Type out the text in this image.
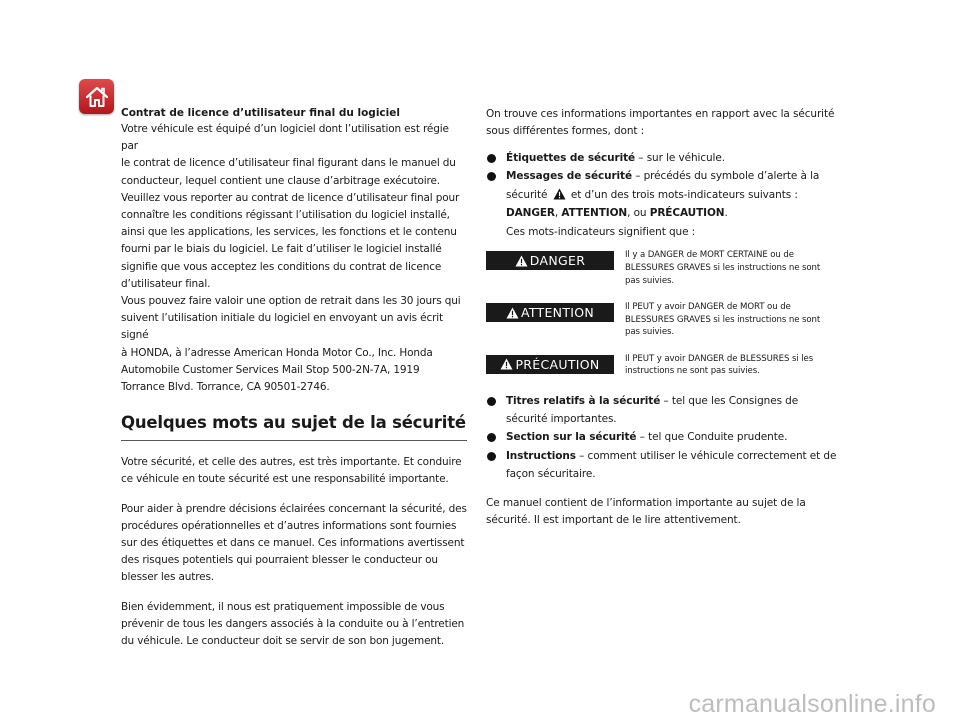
Contrat de licence d’utilisateur final du logiciel

Votre véhicule est équipé d’un logiciel dont l’utilisation est régie par

le contrat de licence d’utilisateur final figurant dans le manuel du

conducteur, lequel contient une clause d’arbitrage exécutoire.

Veuillez vous reporter au contrat de licence d’utilisateur final pour

connaître les conditions régissant l’utilisation du logiciel installé,

ainsi que les applications, les services, les fonctions et le contenu

fourni par le biais du logiciel. Le fait d’utiliser le logiciel installé

signifie que vous acceptez les conditions du contrat de licence

d’utilisateur final.

Vous pouvez faire valoir une option de retrait dans les 30 jours qui

suivent l’utilisation initiale du logiciel en envoyant un avis écrit signé

à HONDA, à l’adresse American Honda Motor Co., Inc. Honda

Automobile Customer Services Mail Stop 500-2N-7A, 1919

Torrance Blvd. Torrance, CA 90501-2746.

Quelques mots au sujet de la sécurité

Votre sécurité, et celle des autres, est très importante. Et conduire ce véhicule en toute sécurité est une responsabilité importante.

Pour aider à prendre décisions éclairées concernant la sécurité, des procédures opérationnelles et d’autres informations sont fournies sur des étiquettes et dans ce manuel. Ces informations avertissent des risques potentiels qui pourraient blesser le conducteur ou blesser les autres.

Bien évidemment, il nous est pratiquement impossible de vous prévenir de tous les dangers associés à la conduite ou à l’entretien du véhicule. Le conducteur doit se servir de son bon jugement.

On trouve ces informations importantes en rapport avec la sécurité sous différentes formes, dont :

Étiquettes de sécurité – sur le véhicule.
Messages de sécurité – précédés du symbole d’alerte à la
sécurité  et d’un des trois mots-indicateurs suivants :
DANGER, ATTENTION, ou PRÉCAUTION.
Ces mots-indicateurs signifient que :
DANGER	Il y a DANGER de MORT CERTAINE ou de BLESSURES GRAVES si les instructions ne sont pas suivies.
ATTENTION	Il PEUT y avoir DANGER de MORT ou de BLESSURES GRAVES si les instructions ne sont pas suivies.
PRÉCAUTION	Il PEUT y avoir DANGER de BLESSURES si les instructions ne sont pas suivies.
Titres relatifs à la sécurité – tel que les Consignes de sécurité importantes.
Section sur la sécurité – tel que Conduite prudente.
Instructions – comment utiliser le véhicule correctement et de façon sécuritaire.

Ce manuel contient de l’information importante au sujet de la sécurité. Il est important de le lire attentivement.

carmanualsonline.info
